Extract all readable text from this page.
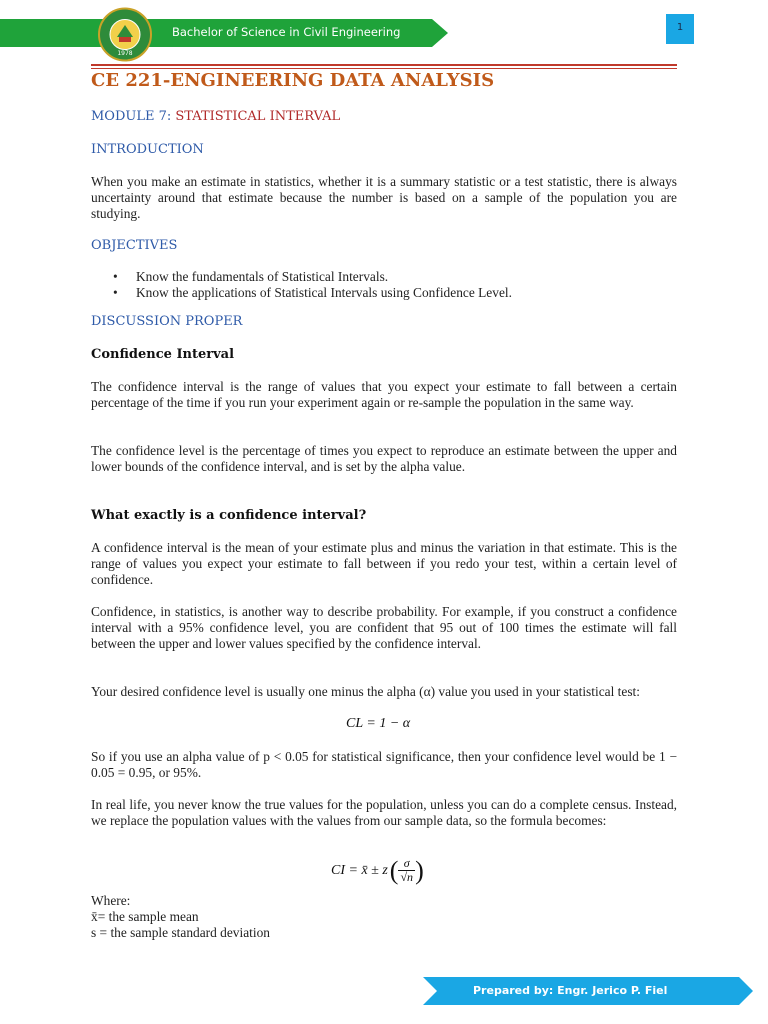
Bachelor of Science in Civil Engineering
1978
1
CE 221-ENGINEERING DATA ANALYSIS
MODULE 7: STATISTICAL INTERVAL
INTRODUCTION
When you make an estimate in statistics, whether it is a summary statistic or a test statistic, there is always uncertainty around that estimate because the number is based on a sample of the population you are studying.
OBJECTIVES
• Know the fundamentals of Statistical Intervals.
• Know the applications of Statistical Intervals using Confidence Level.
DISCUSSION PROPER
Confidence Interval
The confidence interval is the range of values that you expect your estimate to fall between a certain percentage of the time if you run your experiment again or re-sample the population in the same way.
The confidence level is the percentage of times you expect to reproduce an estimate between the upper and lower bounds of the confidence interval, and is set by the alpha value.
What exactly is a confidence interval?
A confidence interval is the mean of your estimate plus and minus the variation in that estimate. This is the range of values you expect your estimate to fall between if you redo your test, within a certain level of confidence.
Confidence, in statistics, is another way to describe probability. For example, if you construct a confidence interval with a 95% confidence level, you are confident that 95 out of 100 times the estimate will fall between the upper and lower values specified by the confidence interval.
Your desired confidence level is usually one minus the alpha (α) value you used in your statistical test:
CL = 1 − α
So if you use an alpha value of p < 0.05 for statistical significance, then your confidence level would be 1 − 0.05 = 0.95, or 95%.
In real life, you never know the true values for the population, unless you can do a complete census. Instead, we replace the population values with the values from our sample data, so the formula becomes:
CI = x̄ ± z ( $\frac{\sigma}{√n}$ )
Where:
x̄= the sample mean
s = the sample standard deviation
Prepared by: Engr. Jerico P. Fiel
